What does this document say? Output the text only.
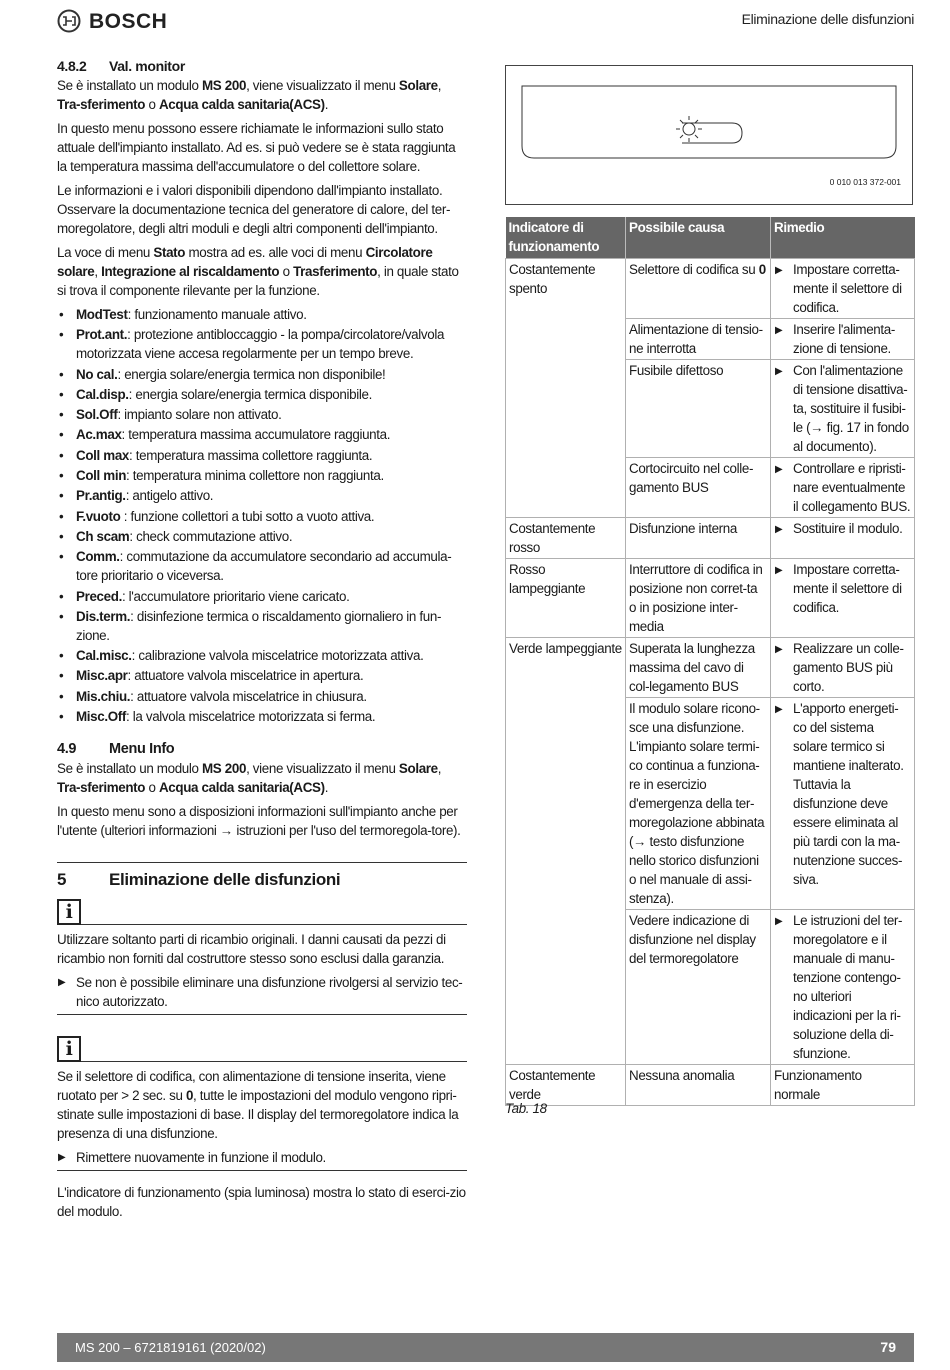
BOSCH	Eliminazione delle disfunzioni
4.8.2 Val. monitor

Se è installato un modulo MS 200, viene visualizzato il menu Solare, Tra-sferimento o Acqua calda sanitaria(ACS).

In questo menu possono essere richiamate le informazioni sullo stato attuale dell'impianto installato. Ad es. si può vedere se è stata raggiunta la temperatura massima dell'accumulatore o del collettore solare.

Le informazioni e i valori disponibili dipendono dall'impianto installato. Osservare la documentazione tecnica del generatore di calore, del ter-moregolatore, degli altri moduli e degli altri componenti dell'impianto.

La voce di menu Stato mostra ad es. alle voci di menu Circolatore solare, Integrazione al riscaldamento o Trasferimento, in quale stato si trova il componente rilevante per la funzione.

• ModTest: funzionamento manuale attivo.
• Prot.ant.: protezione antibloccaggio - la pompa/circolatore/valvola motorizzata viene accesa regolarmente per un tempo breve.
• No cal.: energia solare/energia termica non disponibile!
• Cal.disp.: energia solare/energia termica disponibile.
• Sol.Off: impianto solare non attivato.
• Ac.max: temperatura massima accumulatore raggiunta.
• Coll max: temperatura massima collettore raggiunta.
• Coll min: temperatura minima collettore non raggiunta.
• Pr.antig.: antigelo attivo.
• F.vuoto : funzione collettori a tubi sotto a vuoto attiva.
• Ch scam: check commutazione attivo.
• Comm.: commutazione da accumulatore secondario ad accumula-tore prioritario o viceversa.
• Preced.: l'accumulatore prioritario viene caricato.
• Dis.term.: disinfezione termica o riscaldamento giornaliero in fun-zione.
• Cal.misc.: calibrazione valvola miscelatrice motorizzata attiva.
• Misc.apr: attuatore valvola miscelatrice in apertura.
• Mis.chiu.: attuatore valvola miscelatrice in chiusura.
• Misc.Off: la valvola miscelatrice motorizzata si ferma.
4.9 Menu Info

Se è installato un modulo MS 200, viene visualizzato il menu Solare, Tra-sferimento o Acqua calda sanitaria(ACS).

In questo menu sono a disposizioni informazioni sull'impianto anche per l'utente (ulteriori informazioni → istruzioni per l'uso del termoregola-tore).

5	Eliminazione delle disfunzioni
i

Utilizzare soltanto parti di ricambio originali. I danni causati da pezzi di ricambio non forniti dal costruttore stesso sono esclusi dalla garanzia.

▶ Se non è possibile eliminare una disfunzione rivolgersi al servizio tec-nico autorizzato.
i

Se il selettore di codifica, con alimentazione di tensione inserita, viene ruotato per > 2 sec. su 0, tutte le impostazioni del modulo vengono ripri-stinate sulle impostazioni di base. Il display del termoregolatore indica la presenza di una disfunzione.

▶ Rimettere nuovamente in funzione il modulo.

L'indicatore di funzionamento (spia luminosa) mostra lo stato di eserci-zio del modulo.

0 010 013 372-001
Indicatore di funzionamento	Possibile causa	Rimedio
Costantemente spento	Selettore di codifica su 0	▶ Impostare corretta-mente il selettore di codifica.
	Alimentazione di tensio-ne interrotta	▶ Inserire l'alimenta-zione di tensione.
	Fusibile difettoso	▶ Con l'alimentazione di tensione disattiva-ta, sostituire il fusibi-le (→ fig. 17 in fondo al documento).
	Cortocircuito nel colle-gamento BUS	▶ Controllare e ripristi-nare eventualmente il collegamento BUS.
Costantemente rosso	Disfunzione interna	▶ Sostituire il modulo.
Rosso lampeggiante	Interruttore di codifica in posizione non corret-ta o in posizione inter-media	▶ Impostare corretta-mente il selettore di codifica.
Verde lampeggiante	Superata la lunghezza massima del cavo di col-legamento BUS	▶ Realizzare un colle-gamento BUS più corto.
	Il modulo solare ricono-sce una disfunzione. L'impianto solare termi-co continua a funziona-re in esercizio d'emergenza della ter-moregolazione abbinata (→ testo disfunzione nello storico disfunzioni o nel manuale di assi-stenza).	▶ L'apporto energeti-co del sistema solare termico si mantiene inalterato. Tuttavia la disfunzione deve essere eliminata al più tardi con la ma-nutenzione succes-siva.
	Vedere indicazione di disfunzione nel display del termoregolatore	▶ Le istruzioni del ter-moregolatore e il manuale di manu-tenzione contengo-no ulteriori indicazioni per la ri-soluzione della di-sfunzione.
Costantemente verde	Nessuna anomalia	Funzionamento normale
Tab. 18
MS 200 – 6721819161 (2020/02)	79
